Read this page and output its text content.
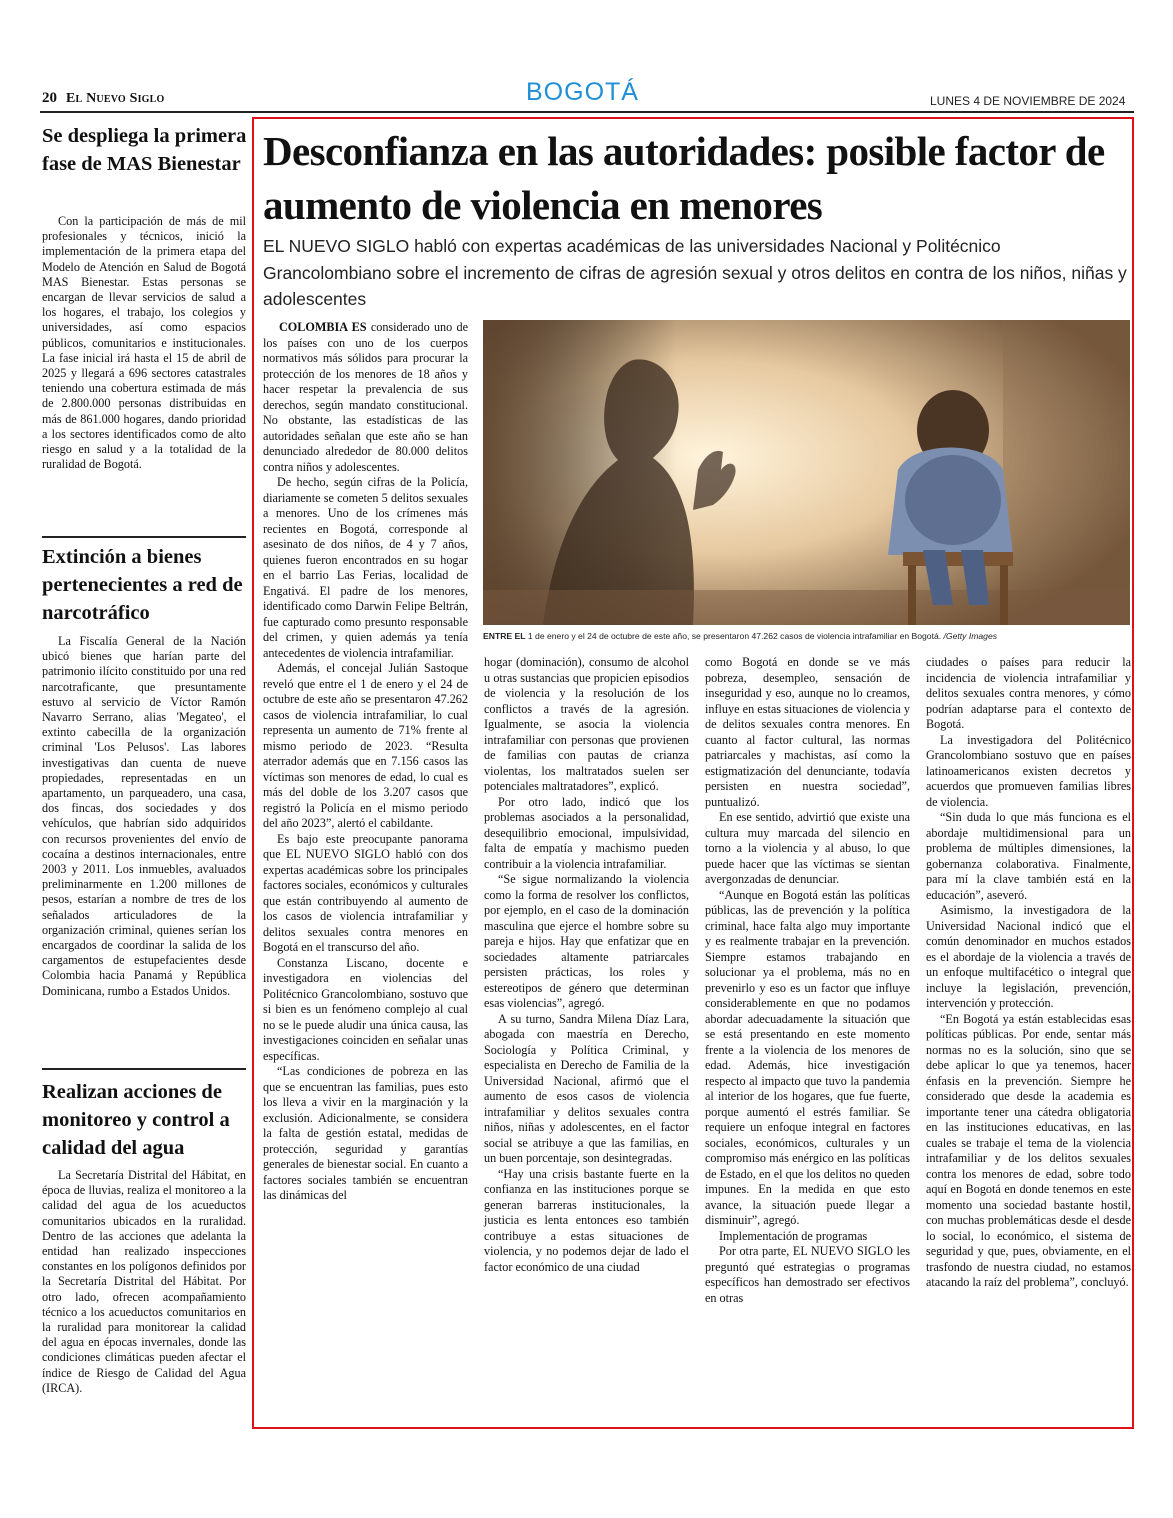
20 El Nuevo Siglo	BOGOTÁ	LUNES 4 DE NOVIEMBRE DE 2024
Se despliega la primera fase de MAS Bienestar
Con la participación de más de mil profesionales y técnicos, inició la implementación de la primera etapa del Modelo de Atención en Salud de Bogotá MAS Bienestar. Estas personas se encargan de llevar servicios de salud a los hogares, el trabajo, los colegios y universidades, así como espacios públicos, comunitarios e institucionales. La fase inicial irá hasta el 15 de abril de 2025 y llegará a 696 sectores catastrales teniendo una cobertura estimada de más de 2.800.000 personas distribuidas en más de 861.000 hogares, dando prioridad a los sectores identificados como de alto riesgo en salud y a la totalidad de la ruralidad de Bogotá.
Extinción a bienes pertenecientes a red de narcotráfico
La Fiscalía General de la Nación ubicó bienes que harían parte del patrimonio ilícito constituido por una red narcotraficante, que presuntamente estuvo al servicio de Víctor Ramón Navarro Serrano, alias 'Megateo', el extinto cabecilla de la organización criminal 'Los Pelusos'. Las labores investigativas dan cuenta de nueve propiedades, representadas en un apartamento, un parqueadero, una casa, dos fincas, dos sociedades y dos vehículos, que habrían sido adquiridos con recursos provenientes del envío de cocaína a destinos internacionales, entre 2003 y 2011. Los inmuebles, avaluados preliminarmente en 1.200 millones de pesos, estarían a nombre de tres de los señalados articuladores de la organización criminal, quienes serían los encargados de coordinar la salida de los cargamentos de estupefacientes desde Colombia hacia Panamá y República Dominicana, rumbo a Estados Unidos.
Realizan acciones de monitoreo y control a calidad del agua
La Secretaría Distrital del Hábitat, en época de lluvias, realiza el monitoreo a la calidad del agua de los acueductos comunitarios ubicados en la ruralidad. Dentro de las acciones que adelanta la entidad han realizado inspecciones constantes en los polígonos definidos por la Secretaría Distrital del Hábitat. Por otro lado, ofrecen acompañamiento técnico a los acueductos comunitarios en la ruralidad para monitorear la calidad del agua en épocas invernales, donde las condiciones climáticas pueden afectar el índice de Riesgo de Calidad del Agua (IRCA).
Desconfianza en las autoridades: posible factor de aumento de violencia en menores
EL NUEVO SIGLO habló con expertas académicas de las universidades Nacional y Politécnico Grancolombiano sobre el incremento de cifras de agresión sexual y otros delitos en contra de los niños, niñas y adolescentes
ENTRE EL 1 de enero y el 24 de octubre de este año, se presentaron 47.262 casos de violencia intrafamiliar en Bogotá. /Getty Images

COLOMBIA ES considerado uno de los países con uno de los cuerpos normativos más sólidos para procurar la protección de los menores de 18 años y hacer respetar la prevalencia de sus derechos, según mandato constitucional. No obstante, las estadísticas de las autoridades señalan que este año se han denunciado alrededor de 80.000 delitos contra niños y adolescentes.

De hecho, según cifras de la Policía, diariamente se cometen 5 delitos sexuales a menores. Uno de los crímenes más recientes en Bogotá, corresponde al asesinato de dos niños, de 4 y 7 años, quienes fueron encontrados en su hogar en el barrio Las Ferias, localidad de Engativá. El padre de los menores, identificado como Darwin Felipe Beltrán, fue capturado como presunto responsable del crimen, y quien además ya tenía antecedentes de violencia intrafamiliar.

Además, el concejal Julián Sastoque reveló que entre el 1 de enero y el 24 de octubre de este año se presentaron 47.262 casos de violencia intrafamiliar, lo cual representa un aumento de 71% frente al mismo periodo de 2023. “Resulta aterrador además que en 7.156 casos las víctimas son menores de edad, lo cual es más del doble de los 3.207 casos que registró la Policía en el mismo periodo del año 2023”, alertó el cabildante.

Es bajo este preocupante panorama que EL NUEVO SIGLO habló con dos expertas académicas sobre los principales factores sociales, económicos y culturales que están contribuyendo al aumento de los casos de violencia intrafamiliar y delitos sexuales contra menores en Bogotá en el transcurso del año.

Constanza Liscano, docente e investigadora en violencias del Politécnico Grancolombiano, sostuvo que si bien es un fenómeno complejo al cual no se le puede aludir una única causa, las investigaciones coinciden en señalar unas específicas.

“Las condiciones de pobreza en las que se encuentran las familias, pues esto los lleva a vivir en la marginación y la exclusión. Adicionalmente, se considera la falta de gestión estatal, medidas de protección, seguridad y garantías generales de bienestar social. En cuanto a factores sociales también se encuentran las dinámicas del

hogar (dominación), consumo de alcohol u otras sustancias que propicien episodios de violencia y la resolución de los conflictos a través de la agresión. Igualmente, se asocia la violencia intrafamiliar con personas que provienen de familias con pautas de crianza violentas, los maltratados suelen ser potenciales maltratadores”, explicó.

Por otro lado, indicó que los problemas asociados a la personalidad, desequilibrio emocional, impulsividad, falta de empatía y machismo pueden contribuir a la violencia intrafamiliar.

“Se sigue normalizando la violencia como la forma de resolver los conflictos, por ejemplo, en el caso de la dominación masculina que ejerce el hombre sobre su pareja e hijos. Hay que enfatizar que en sociedades altamente patriarcales persisten prácticas, los roles y estereotipos de género que determinan esas violencias”, agregó.

A su turno, Sandra Milena Díaz Lara, abogada con maestría en Derecho, Sociología y Política Criminal, y especialista en Derecho de Familia de la Universidad Nacional, afirmó que el aumento de esos casos de violencia intrafamiliar y delitos sexuales contra niños, niñas y adolescentes, en el factor social se atribuye a que las familias, en un buen porcentaje, son desintegradas.

“Hay una crisis bastante fuerte en la confianza en las instituciones porque se generan barreras institucionales, la justicia es lenta entonces eso también contribuye a estas situaciones de violencia, y no podemos dejar de lado el factor económico de una ciudad

como Bogotá en donde se ve más pobreza, desempleo, sensación de inseguridad y eso, aunque no lo creamos, influye en estas situaciones de violencia y de delitos sexuales contra menores. En cuanto al factor cultural, las normas patriarcales y machistas, así como la estigmatización del denunciante, todavía persisten en nuestra sociedad”, puntualizó.

En ese sentido, advirtió que existe una cultura muy marcada del silencio en torno a la violencia y al abuso, lo que puede hacer que las víctimas se sientan avergonzadas de denunciar.

“Aunque en Bogotá están las políticas públicas, las de prevención y la política criminal, hace falta algo muy importante y es realmente trabajar en la prevención. Siempre estamos trabajando en solucionar ya el problema, más no en prevenirlo y eso es un factor que influye considerablemente en que no podamos abordar adecuadamente la situación que se está presentando en este momento frente a la violencia de los menores de edad. Además, hice investigación respecto al impacto que tuvo la pandemia al interior de los hogares, que fue fuerte, porque aumentó el estrés familiar. Se requiere un enfoque integral en factores sociales, económicos, culturales y un compromiso más enérgico en las políticas de Estado, en el que los delitos no queden impunes. En la medida en que esto avance, la situación puede llegar a disminuir”, agregó.

Implementación de programas

Por otra parte, EL NUEVO SIGLO les preguntó qué estrategias o programas específicos han demostrado ser efectivos en otras

ciudades o países para reducir la incidencia de violencia intrafamiliar y delitos sexuales contra menores, y cómo podrían adaptarse para el contexto de Bogotá.

La investigadora del Politécnico Grancolombiano sostuvo que en países latinoamericanos existen decretos y acuerdos que promueven familias libres de violencia.

“Sin duda lo que más funciona es el abordaje multidimensional para un problema de múltiples dimensiones, la gobernanza colaborativa. Finalmente, para mí la clave también está en la educación”, aseveró.

Asimismo, la investigadora de la Universidad Nacional indicó que el común denominador en muchos estados es el abordaje de la violencia a través de un enfoque multifacético o integral que incluye la legislación, prevención, intervención y protección.

“En Bogotá ya están establecidas esas políticas públicas. Por ende, sentar más normas no es la solución, sino que se debe aplicar lo que ya tenemos, hacer énfasis en la prevención. Siempre he considerado que desde la academia es importante tener una cátedra obligatoria en las instituciones educativas, en las cuales se trabaje el tema de la violencia intrafamiliar y de los delitos sexuales contra los menores de edad, sobre todo aquí en Bogotá en donde tenemos en este momento una sociedad bastante hostil, con muchas problemáticas desde el desde lo social, lo económico, el sistema de seguridad y que, pues, obviamente, en el trasfondo de nuestra ciudad, no estamos atacando la raíz del problema”, concluyó.
